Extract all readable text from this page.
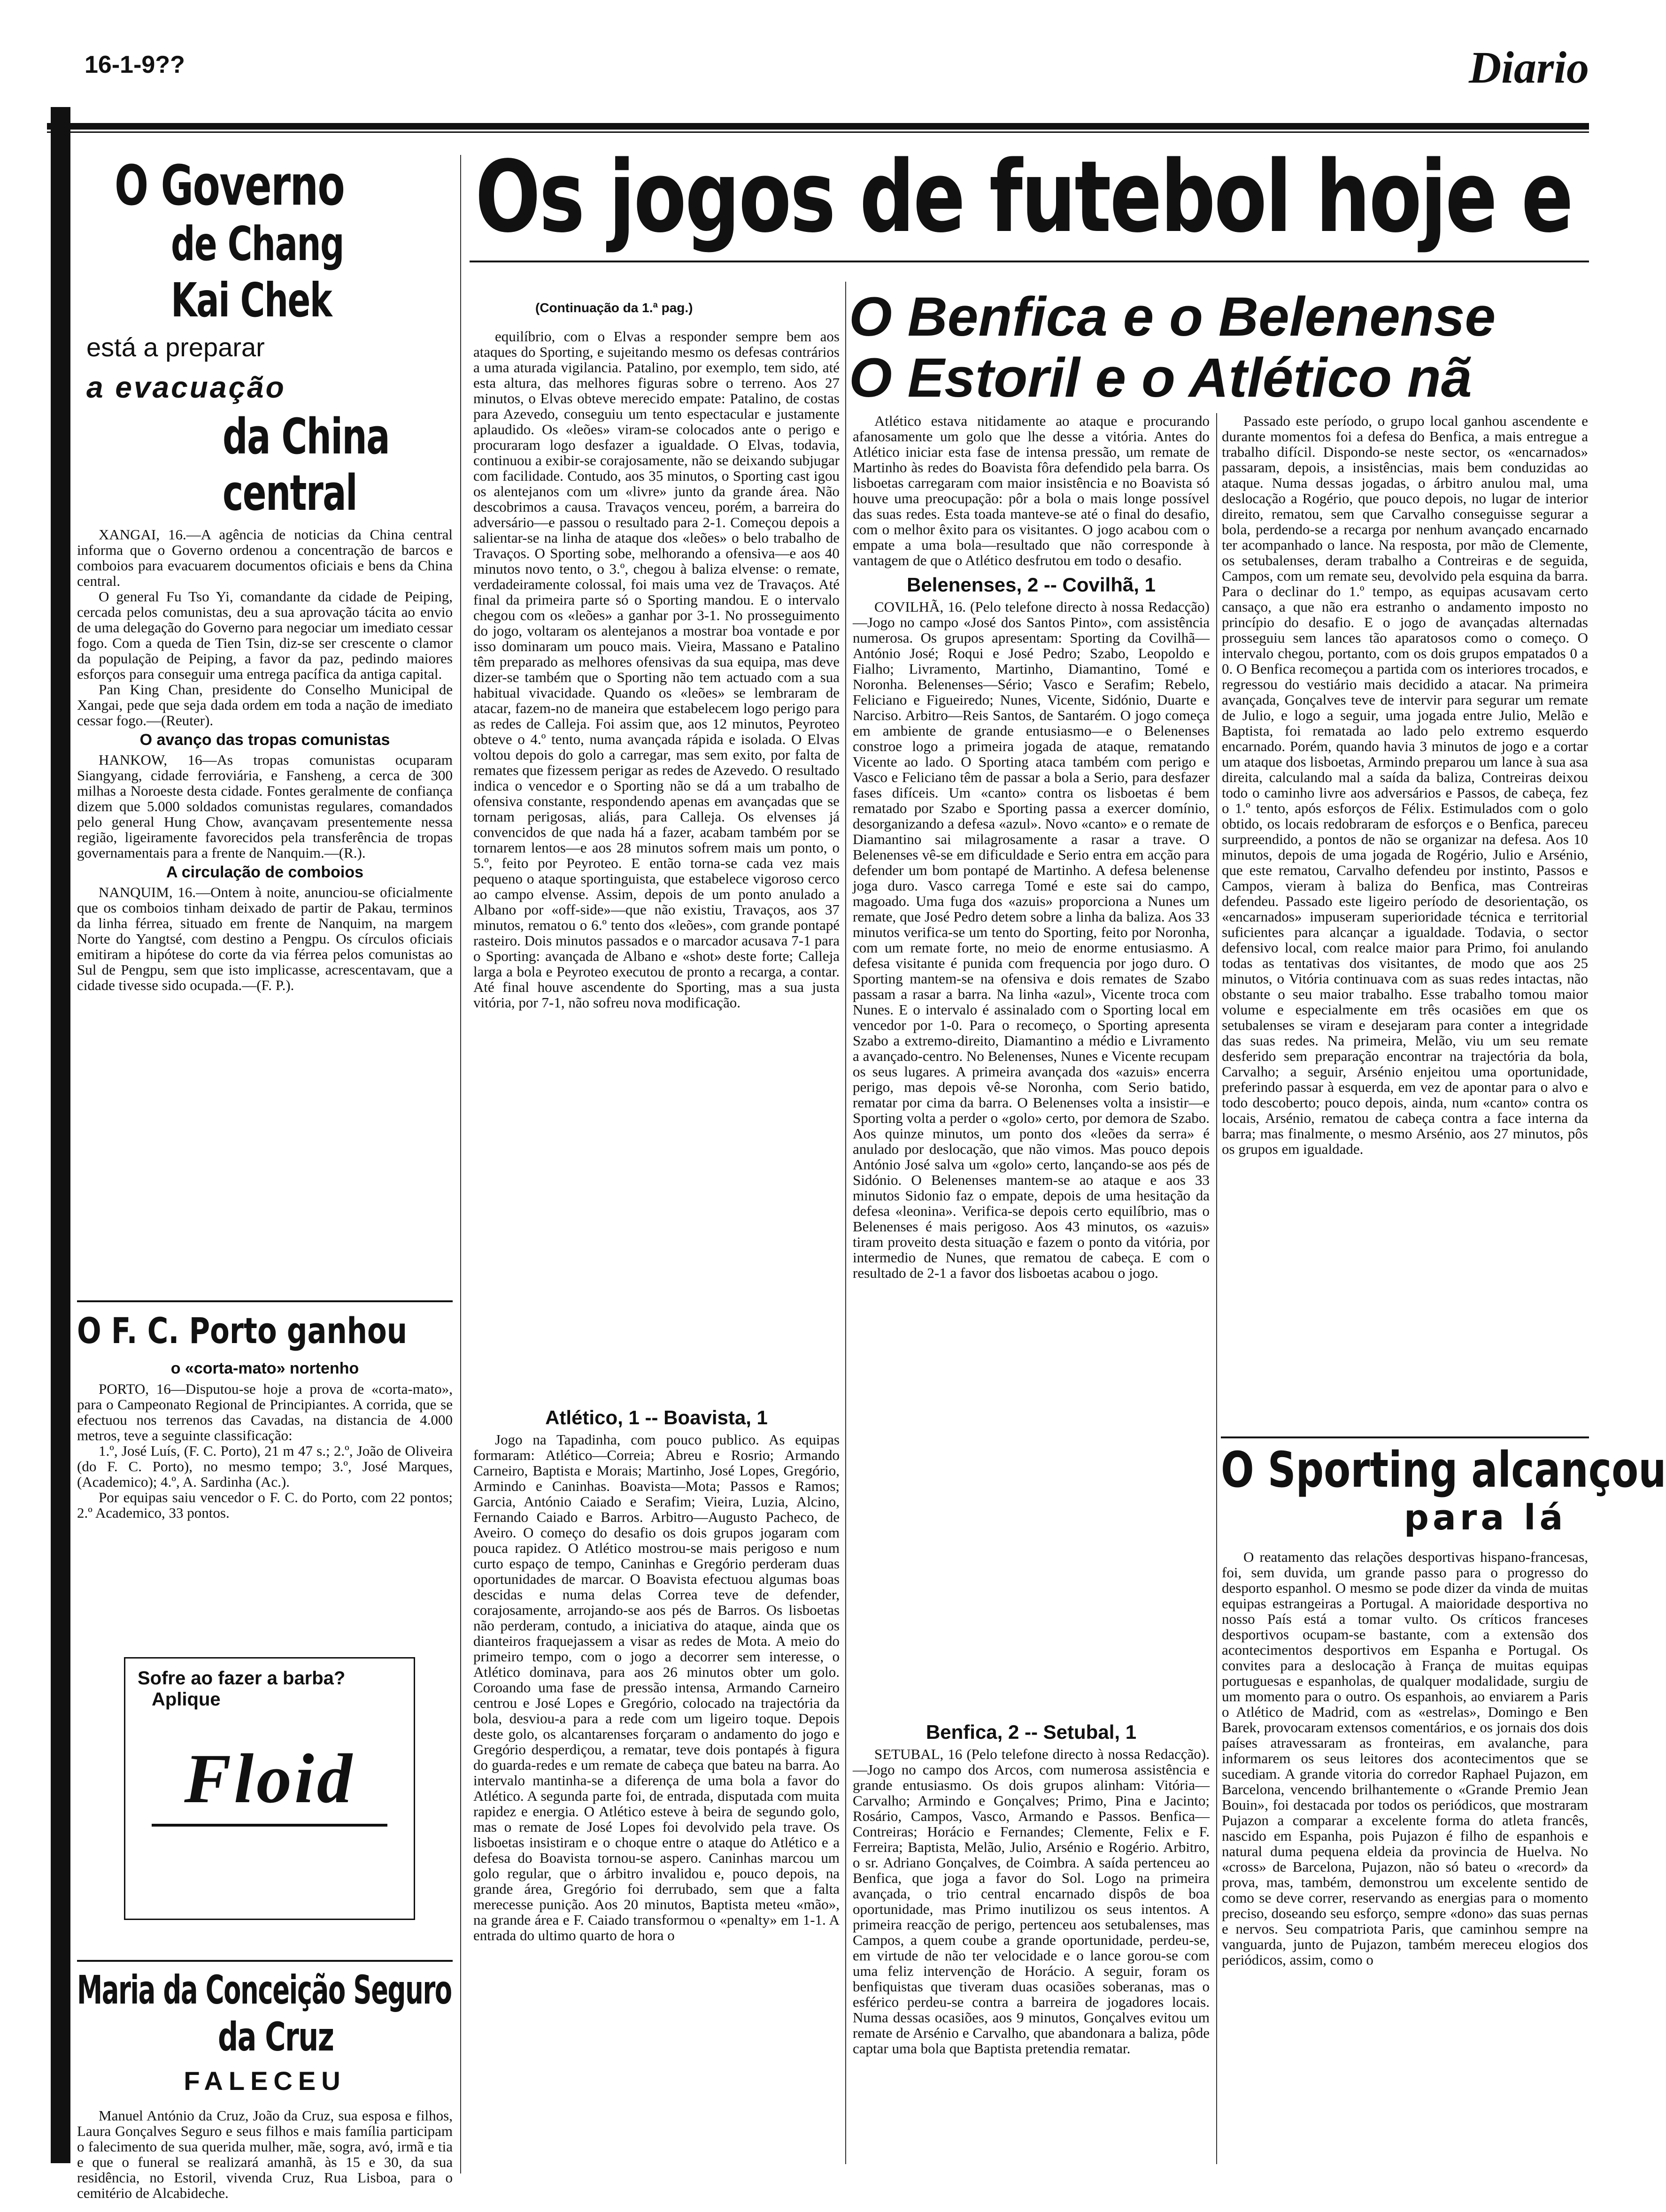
16-1-9??	Diario
O Governo
de Chang Kai Chek
está a preparar
a evacuação
da China central

XANGAI, 16.—A agência de noticias da China central informa que o Governo ordenou a concentração de barcos e comboios para evacuarem documentos oficiais e bens da China central.

O general Fu Tso Yi, comandante da cidade de Peiping, cercada pelos comunistas, deu a sua aprovação tácita ao envio de uma delegação do Governo para negociar um imediato cessar fogo. Com a queda de Tien Tsin, diz-se ser crescente o clamor da população de Peiping, a favor da paz, pedindo maiores esforços para conseguir uma entrega pacífica da antiga capital.

Pan King Chan, presidente do Conselho Municipal de Xangai, pede que seja dada ordem em toda a nação de imediato cessar fogo.—(Reuter).

O avanço das tropas comunistas

HANKOW, 16—As tropas comunistas ocuparam Siangyang, cidade ferroviária, e Fansheng, a cerca de 300 milhas a Noroeste desta cidade. Fontes geralmente de confiança dizem que 5.000 soldados comunistas regulares, comandados pelo general Hung Chow, avançavam presentemente nessa região, ligeiramente favorecidos pela transferência de tropas governamentais para a frente de Nanquim.—(R.).

A circulação de comboios

NANQUIM, 16.—Ontem à noite, anunciou-se oficialmente que os comboios tinham deixado de partir de Pakau, terminos da linha férrea, situado em frente de Nanquim, na margem Norte do Yangtsé, com destino a Pengpu. Os círculos oficiais emitiram a hipótese do corte da via férrea pelos comunistas ao Sul de Pengpu, sem que isto implicasse, acrescentavam, que a cidade tivesse sido ocupada.—(F. P.).

O F. C. Porto ganhou
o «corta-mato» nortenho

PORTO, 16—Disputou-se hoje a prova de «corta-mato», para o Campeonato Regional de Principiantes. A corrida, que se efectuou nos terrenos das Cavadas, na distancia de 4.000 metros, teve a seguinte classificação:

1.º, José Luís, (F. C. Porto), 21 m 47 s.; 2.º, João de Oliveira (do F. C. Porto), no mesmo tempo; 3.º, José Marques, (Academico); 4.º, A. Sardinha (Ac.).

Por equipas saiu vencedor o F. C. do Porto, com 22 pontos; 2.º Academico, 33 pontos.

Sofre ao fazer a barba?
Aplique
Floid
Maria da Conceição Seguro
da Cruz
FALECEU
Manuel António da Cruz, João da Cruz, sua esposa e filhos, Laura Gonçalves Seguro e seus filhos e mais família participam o falecimento de sua querida mulher, mãe, sogra, avó, irmã e tia e que o funeral se realizará amanhã, às 15 e 30, da sua residência, no Estoril, vivenda Cruz, Rua Lisboa, para o cemitério de Alcabideche.
Os jogos de futebol hoje e
(Continuação da 1.ª pag.)

equilíbrio, com o Elvas a responder sempre bem aos ataques do Sporting, e sujeitando mesmo os defesas contrários a uma aturada vigilancia. Patalino, por exemplo, tem sido, até esta altura, das melhores figuras sobre o terreno. Aos 27 minutos, o Elvas obteve merecido empate: Patalino, de costas para Azevedo, conseguiu um tento espectacular e justamente aplaudido. Os «leões» viram-se colocados ante o perigo e procuraram logo desfazer a igualdade. O Elvas, todavia, continuou a exibir-se corajosamente, não se deixando subjugar com facilidade. Contudo, aos 35 minutos, o Sporting cast igou os alentejanos com um «livre» junto da grande área. Não descobrimos a causa. Travaços venceu, porém, a barreira do adversário—e passou o resultado para 2-1. Começou depois a salientar-se na linha de ataque dos «leões» o belo trabalho de Travaços. O Sporting sobe, melhorando a ofensiva—e aos 40 minutos novo tento, o 3.º, chegou à baliza elvense: o remate, verdadeiramente colossal, foi mais uma vez de Travaços. Até final da primeira parte só o Sporting mandou. E o intervalo chegou com os «leões» a ganhar por 3-1. No prosseguimento do jogo, voltaram os alentejanos a mostrar boa vontade e por isso dominaram um pouco mais. Vieira, Massano e Patalino têm preparado as melhores ofensivas da sua equipa, mas deve dizer-se também que o Sporting não tem actuado com a sua habitual vivacidade. Quando os «leões» se lembraram de atacar, fazem-no de maneira que estabelecem logo perigo para as redes de Calleja. Foi assim que, aos 12 minutos, Peyroteo obteve o 4.º tento, numa avançada rápida e isolada. O Elvas voltou depois do golo a carregar, mas sem exito, por falta de remates que fizessem perigar as redes de Azevedo. O resultado indica o vencedor e o Sporting não se dá a um trabalho de ofensiva constante, respondendo apenas em avançadas que se tornam perigosas, aliás, para Calleja. Os elvenses já convencidos de que nada há a fazer, acabam também por se tornarem lentos—e aos 28 minutos sofrem mais um ponto, o 5.º, feito por Peyroteo. E então torna-se cada vez mais pequeno o ataque sportinguista, que estabelece vigoroso cerco ao campo elvense. Assim, depois de um ponto anulado a Albano por «off-side»—que não existiu, Travaços, aos 37 minutos, rematou o 6.º tento dos «leões», com grande pontapé rasteiro. Dois minutos passados e o marcador acusava 7-1 para o Sporting: avançada de Albano e «shot» deste forte; Calleja larga a bola e Peyroteo executou de pronto a recarga, a contar. Até final houve ascendente do Sporting, mas a sua justa vitória, por 7-1, não sofreu nova modificação.

Atlético, 1 -- Boavista, 1

Jogo na Tapadinha, com pouco publico. As equipas formaram: Atlético—Correia; Abreu e Rosrio; Armando Carneiro, Baptista e Morais; Martinho, José Lopes, Gregório, Armindo e Caninhas. Boavista—Mota; Passos e Ramos; Garcia, António Caiado e Serafim; Vieira, Luzia, Alcino, Fernando Caiado e Barros. Arbitro—Augusto Pacheco, de Aveiro. O começo do desafio os dois grupos jogaram com pouca rapidez. O Atlético mostrou-se mais perigoso e num curto espaço de tempo, Caninhas e Gregório perderam duas oportunidades de marcar. O Boavista efectuou algumas boas descidas e numa delas Correa teve de defender, corajosamente, arrojando-se aos pés de Barros. Os lisboetas não perderam, contudo, a iniciativa do ataque, ainda que os dianteiros fraquejassem a visar as redes de Mota. A meio do primeiro tempo, com o jogo a decorrer sem interesse, o Atlético dominava, para aos 26 minutos obter um golo. Coroando uma fase de pressão intensa, Armando Carneiro centrou e José Lopes e Gregório, colocado na trajectória da bola, desviou-a para a rede com um ligeiro toque. Depois deste golo, os alcantarenses forçaram o andamento do jogo e Gregório desperdiçou, a rematar, teve dois pontapés à figura do guarda-redes e um remate de cabeça que bateu na barra. Ao intervalo mantinha-se a diferença de uma bola a favor do Atlético. A segunda parte foi, de entrada, disputada com muita rapidez e energia. O Atlético esteve à beira de segundo golo, mas o remate de José Lopes foi devolvido pela trave. Os lisboetas insistiram e o choque entre o ataque do Atlético e a defesa do Boavista tornou-se aspero. Caninhas marcou um golo regular, que o árbitro invalidou e, pouco depois, na grande área, Gregório foi derrubado, sem que a falta merecesse punição. Aos 20 minutos, Baptista meteu «mão», na grande área e F. Caiado transformou o «penalty» em 1-1. A entrada do ultimo quarto de hora o

O Benfica e o Belenense
O Estoril e o Atlético nã

Atlético estava nitidamente ao ataque e procurando afanosamente um golo que lhe desse a vitória. Antes do Atlético iniciar esta fase de intensa pressão, um remate de Martinho às redes do Boavista fôra defendido pela barra. Os lisboetas carregaram com maior insistência e no Boavista só houve uma preocupação: pôr a bola o mais longe possível das suas redes. Esta toada manteve-se até o final do desafio, com o melhor êxito para os visitantes. O jogo acabou com o empate a uma bola—resultado que não corresponde à vantagem de que o Atlético desfrutou em todo o desafio.

Belenenses, 2 -- Covilhã, 1

COVILHÃ, 16. (Pelo telefone directo à nossa Redacção)—Jogo no campo «José dos Santos Pinto», com assistência numerosa. Os grupos apresentam: Sporting da Covilhã—António José; Roqui e José Pedro; Szabo, Leopoldo e Fialho; Livramento, Martinho, Diamantino, Tomé e Noronha. Belenenses—Sério; Vasco e Serafim; Rebelo, Feliciano e Figueiredo; Nunes, Vicente, Sidónio, Duarte e Narciso. Arbitro—Reis Santos, de Santarém. O jogo começa em ambiente de grande entusiasmo—e o Belenenses constroe logo a primeira jogada de ataque, rematando Vicente ao lado. O Sporting ataca também com perigo e Vasco e Feliciano têm de passar a bola a Serio, para desfazer fases difíceis. Um «canto» contra os lisboetas é bem rematado por Szabo e Sporting passa a exercer domínio, desorganizando a defesa «azul». Novo «canto» e o remate de Diamantino sai milagrosamente a rasar a trave. O Belenenses vê-se em dificuldade e Serio entra em acção para defender um bom pontapé de Martinho. A defesa belenense joga duro. Vasco carrega Tomé e este sai do campo, magoado. Uma fuga dos «azuis» proporciona a Nunes um remate, que José Pedro detem sobre a linha da baliza. Aos 33 minutos verifica-se um tento do Sporting, feito por Noronha, com um remate forte, no meio de enorme entusiasmo. A defesa visitante é punida com frequencia por jogo duro. O Sporting mantem-se na ofensiva e dois remates de Szabo passam a rasar a barra. Na linha «azul», Vicente troca com Nunes. E o intervalo é assinalado com o Sporting local em vencedor por 1-0. Para o recomeço, o Sporting apresenta Szabo a extremo-direito, Diamantino a médio e Livramento a avançado-centro. No Belenenses, Nunes e Vicente recupam os seus lugares. A primeira avançada dos «azuis» encerra perigo, mas depois vê-se Noronha, com Serio batido, rematar por cima da barra. O Belenenses volta a insistir—e Sporting volta a perder o «golo» certo, por demora de Szabo. Aos quinze minutos, um ponto dos «leões da serra» é anulado por deslocação, que não vimos. Mas pouco depois António José salva um «golo» certo, lançando-se aos pés de Sidónio. O Belenenses mantem-se ao ataque e aos 33 minutos Sidonio faz o empate, depois de uma hesitação da defesa «leonina». Verifica-se depois certo equilíbrio, mas o Belenenses é mais perigoso. Aos 43 minutos, os «azuis» tiram proveito desta situação e fazem o ponto da vitória, por intermedio de Nunes, que rematou de cabeça. E com o resultado de 2-1 a favor dos lisboetas acabou o jogo.

Benfica, 2 -- Setubal, 1

SETUBAL, 16 (Pelo telefone directo à nossa Redacção).—Jogo no campo dos Arcos, com numerosa assistência e grande entusiasmo. Os dois grupos alinham: Vitória—Carvalho; Armindo e Gonçalves; Primo, Pina e Jacinto; Rosário, Campos, Vasco, Armando e Passos. Benfica—Contreiras; Horácio e Fernandes; Clemente, Felix e F. Ferreira; Baptista, Melão, Julio, Arsénio e Rogério. Arbitro, o sr. Adriano Gonçalves, de Coimbra. A saída pertenceu ao Benfica, que joga a favor do Sol. Logo na primeira avançada, o trio central encarnado dispôs de boa oportunidade, mas Primo inutilizou os seus intentos. A primeira reacção de perigo, pertenceu aos setubalenses, mas Campos, a quem coube a grande oportunidade, perdeu-se, em virtude de não ter velocidade e o lance gorou-se com uma feliz intervenção de Horácio. A seguir, foram os benfiquistas que tiveram duas ocasiões soberanas, mas o esférico perdeu-se contra a barreira de jogadores locais. Numa dessas ocasiões, aos 9 minutos, Gonçalves evitou um remate de Arsénio e Carvalho, que abandonara a baliza, pôde captar uma bola que Baptista pretendia rematar.

Passado este período, o grupo local ganhou ascendente e durante momentos foi a defesa do Benfica, a mais entregue a trabalho difícil. Dispondo-se neste sector, os «encarnados» passaram, depois, a insistências, mais bem conduzidas ao ataque. Numa dessas jogadas, o árbitro anulou mal, uma deslocação a Rogério, que pouco depois, no lugar de interior direito, rematou, sem que Carvalho conseguisse segurar a bola, perdendo-se a recarga por nenhum avançado encarnado ter acompanhado o lance. Na resposta, por mão de Clemente, os setubalenses, deram trabalho a Contreiras e de seguida, Campos, com um remate seu, devolvido pela esquina da barra. Para o declinar do 1.º tempo, as equipas acusavam certo cansaço, a que não era estranho o andamento imposto no princípio do desafio. E o jogo de avançadas alternadas prosseguiu sem lances tão aparatosos como o começo. O intervalo chegou, portanto, com os dois grupos empatados 0 a 0. O Benfica recomeçou a partida com os interiores trocados, e regressou do vestiário mais decidido a atacar. Na primeira avançada, Gonçalves teve de intervir para segurar um remate de Julio, e logo a seguir, uma jogada entre Julio, Melão e Baptista, foi rematada ao lado pelo extremo esquerdo encarnado. Porém, quando havia 3 minutos de jogo e a cortar um ataque dos lisboetas, Armindo preparou um lance à sua asa direita, calculando mal a saída da baliza, Contreiras deixou todo o caminho livre aos adversários e Passos, de cabeça, fez o 1.º tento, após esforços de Félix. Estimulados com o golo obtido, os locais redobraram de esforços e o Benfica, pareceu surpreendido, a pontos de não se organizar na defesa. Aos 10 minutos, depois de uma jogada de Rogério, Julio e Arsénio, que este rematou, Carvalho defendeu por instinto, Passos e Campos, vieram à baliza do Benfica, mas Contreiras defendeu. Passado este ligeiro período de desorientação, os «encarnados» impuseram superioridade técnica e territorial suficientes para alcançar a igualdade. Todavia, o sector defensivo local, com realce maior para Primo, foi anulando todas as tentativas dos visitantes, de modo que aos 25 minutos, o Vitória continuava com as suas redes intactas, não obstante o seu maior trabalho. Esse trabalho tomou maior volume e especialmente em três ocasiões em que os setubalenses se viram e desejaram para conter a integridade das suas redes. Na primeira, Melão, viu um seu remate desferido sem preparação encontrar na trajectória da bola, Carvalho; a seguir, Arsénio enjeitou uma oportunidade, preferindo passar à esquerda, em vez de apontar para o alvo e todo descoberto; pouco depois, ainda, num «canto» contra os locais, Arsénio, rematou de cabeça contra a face interna da barra; mas finalmente, o mesmo Arsénio, aos 27 minutos, pôs os grupos em igualdade.

O Sporting alcançou
para lá

O reatamento das relações desportivas hispano-francesas, foi, sem duvida, um grande passo para o progresso do desporto espanhol. O mesmo se pode dizer da vinda de muitas equipas estrangeiras a Portugal. A maioridade desportiva no nosso País está a tomar vulto. Os críticos franceses desportivos ocupam-se bastante, com a extensão dos acontecimentos desportivos em Espanha e Portugal. Os convites para a deslocação à França de muitas equipas portuguesas e espanholas, de qualquer modalidade, surgiu de um momento para o outro. Os espanhois, ao enviarem a Paris o Atlético de Madrid, com as «estrelas», Domingo e Ben Barek, provocaram extensos comentários, e os jornais dos dois países atravessaram as fronteiras, em avalanche, para informarem os seus leitores dos acontecimentos que se sucediam. A grande vitoria do corredor Raphael Pujazon, em Barcelona, vencendo brilhantemente o «Grande Premio Jean Bouin», foi destacada por todos os periódicos, que mostraram Pujazon a comparar a excelente forma do atleta francês, nascido em Espanha, pois Pujazon é filho de espanhois e natural duma pequena eldeia da provincia de Huelva. No «cross» de Barcelona, Pujazon, não só bateu o «record» da prova, mas, também, demonstrou um excelente sentido de como se deve correr, reservando as energias para o momento preciso, doseando seu esforço, sempre «dono» das suas pernas e nervos. Seu compatriota Paris, que caminhou sempre na vanguarda, junto de Pujazon, também mereceu elogios dos periódicos, assim, como o
